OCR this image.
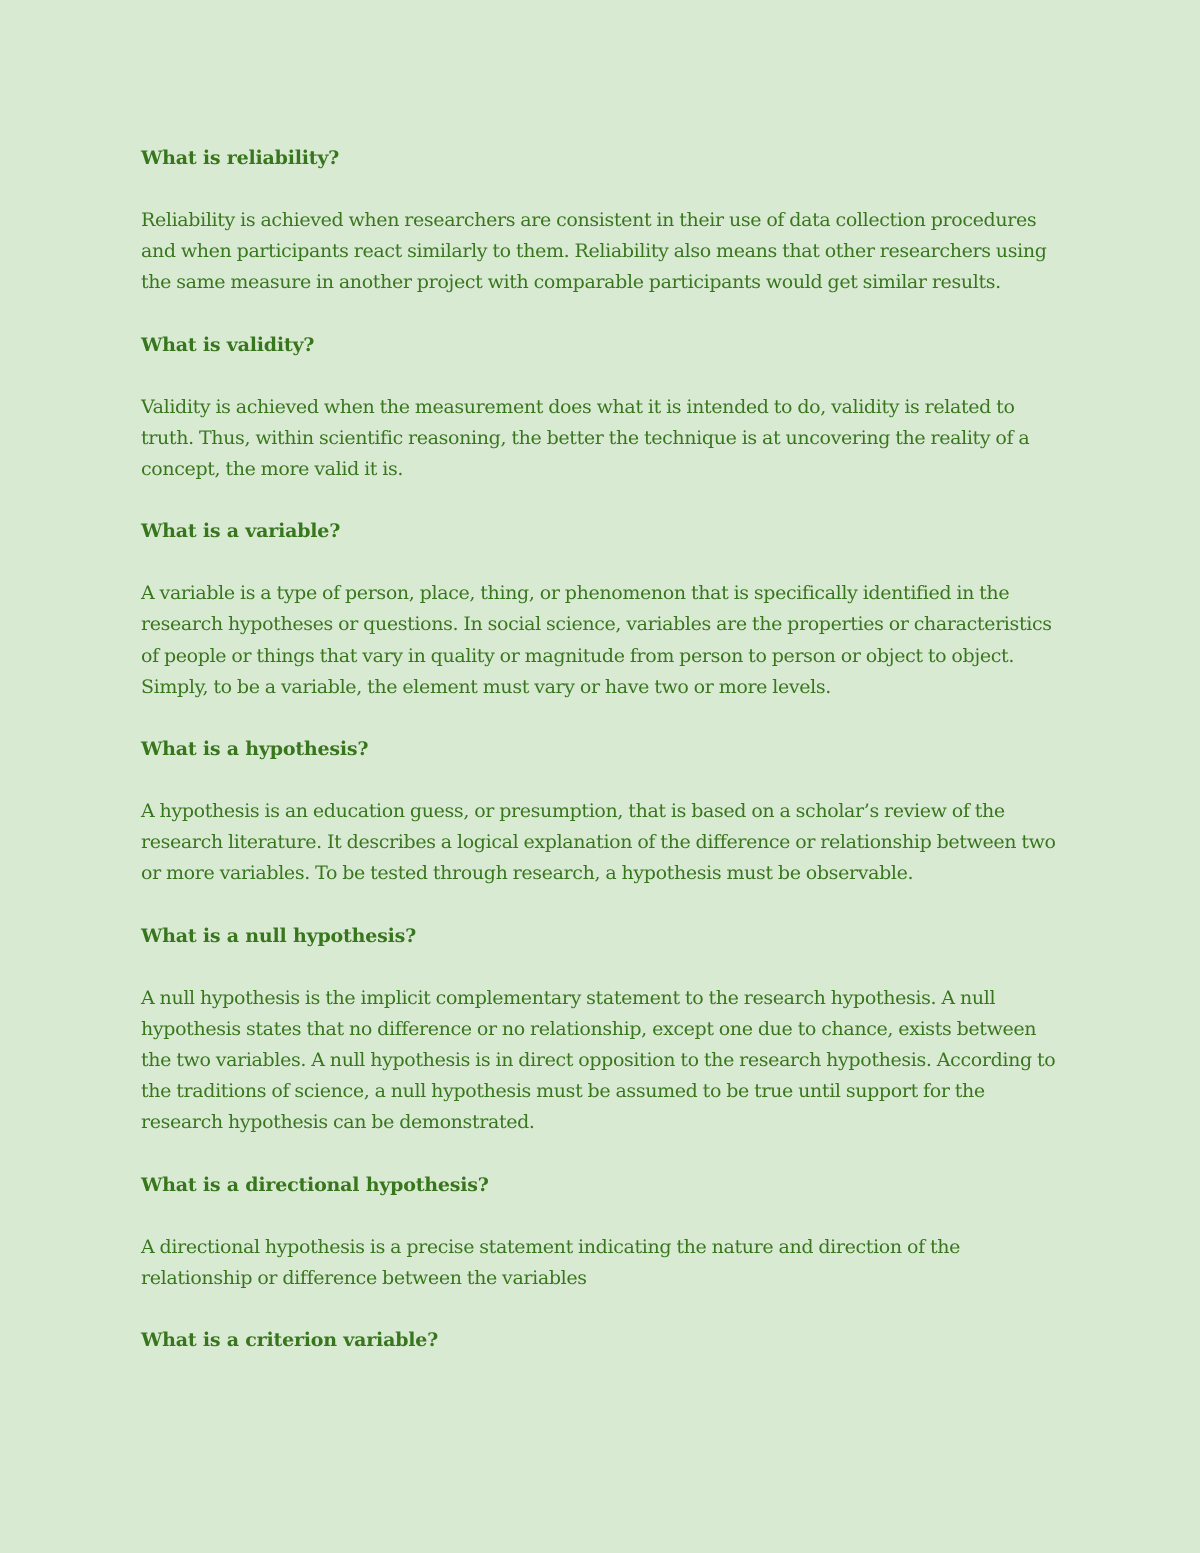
What is reliability?

Reliability is achieved when researchers are consistent in their use of data collection procedures and when participants react similarly to them. Reliability also means that other researchers using the same measure in another project with comparable participants would get similar results.

What is validity?

Validity is achieved when the measurement does what it is intended to do, validity is related to truth. Thus, within scientific reasoning, the better the technique is at uncovering the reality of a concept, the more valid it is.

What is a variable?

A variable is a type of person, place, thing, or phenomenon that is specifically identified in the research hypotheses or questions. In social science, variables are the properties or characteristics of people or things that vary in quality or magnitude from person to person or object to object. Simply, to be a variable, the element must vary or have two or more levels.

What is a hypothesis?

A hypothesis is an education guess, or presumption, that is based on a scholar’s review of the research literature. It describes a logical explanation of the difference or relationship between two or more variables. To be tested through research, a hypothesis must be observable.

What is a null hypothesis?

A null hypothesis is the implicit complementary statement to the research hypothesis. A null hypothesis states that no difference or no relationship, except one due to chance, exists between the two variables. A null hypothesis is in direct opposition to the research hypothesis. According to the traditions of science, a null hypothesis must be assumed to be true until support for the research hypothesis can be demonstrated.

What is a directional hypothesis?

A directional hypothesis is a precise statement indicating the nature and direction of the relationship or difference between the variables

What is a criterion variable?
